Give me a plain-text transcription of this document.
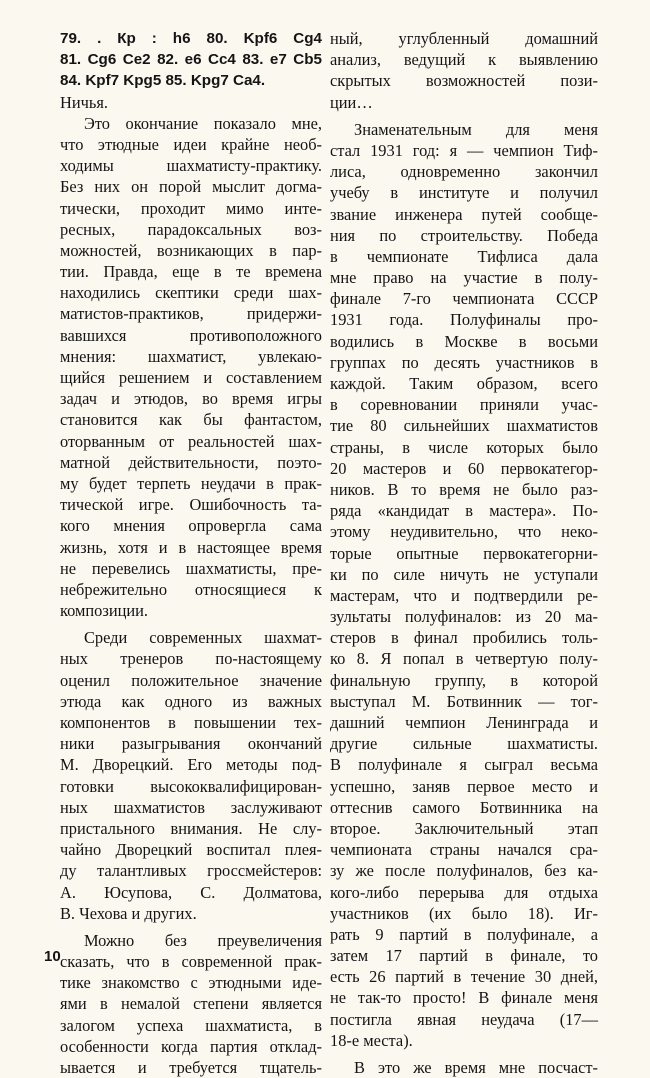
79. . Кр : h6 80. Kpf6 Cg4
81. Cg6 Ce2 82. e6 Cc4 83. e7 Cb5
84. Kpf7 Kpg5 85. Kpg7 Ca4.
Ничья.
Это окончание показало мне,
что этюдные идеи крайне необ-
ходимы шахматисту-практику.
Без них он порой мыслит догма-
тически, проходит мимо инте-
ресных, парадоксальных воз-
можностей, возникающих в пар-
тии. Правда, еще в те времена
находились скептики среди шах-
матистов-практиков, придержи-
вавшихся противоположного
мнения: шахматист, увлекаю-
щийся решением и составлением
задач и этюдов, во время игры
становится как бы фантастом,
оторванным от реальностей шах-
матной действительности, поэто-
му будет терпеть неудачи в прак-
тической игре. Ошибочность та-
кого мнения опровергла сама
жизнь, хотя и в настоящее время
не перевелись шахматисты, пре-
небрежительно относящиеся к
композиции.
Среди современных шахмат-
ных тренеров по-настоящему
оценил положительное значение
этюда как одного из важных
компонентов в повышении тех-
ники разыгрывания окончаний
М. Дворецкий. Его методы под-
готовки высококвалифицирован-
ных шахматистов заслуживают
пристального внимания. Не слу-
чайно Дворецкий воспитал плея-
ду талантливых гроссмейстеров:
А. Юсупова, С. Долматова,
В. Чехова и других.
Можно без преувеличения
сказать, что в современной прак-
тике знакомство с этюдными иде-
ями в немалой степени является
залогом успеха шахматиста, в
особенности когда партия отклад-
ывается и требуется тщатель-
ный, углубленный домашний
анализ, ведущий к выявлению
скрытых возможностей пози-
ции…
Знаменательным для меня
стал 1931 год: я — чемпион Тиф-
лиса, одновременно закончил
учебу в институте и получил
звание инженера путей сообще-
ния по строительству. Победа
в чемпионате Тифлиса дала
мне право на участие в полу-
финале 7-го чемпионата СССР
1931 года. Полуфиналы про-
водились в Москве в восьми
группах по десять участников в
каждой. Таким образом, всего
в соревновании приняли учас-
тие 80 сильнейших шахматистов
страны, в числе которых было
20 мастеров и 60 первокатегор-
ников. В то время не было раз-
ряда «кандидат в мастера». По-
этому неудивительно, что неко-
торые опытные первокатегорни-
ки по силе ничуть не уступали
мастерам, что и подтвердили ре-
зультаты полуфиналов: из 20 ма-
стеров в финал пробились толь-
ко 8. Я попал в четвертую полу-
финальную группу, в которой
выступал М. Ботвинник — тог-
дашний чемпион Ленинграда и
другие сильные шахматисты.
В полуфинале я сыграл весьма
успешно, заняв первое место и
оттеснив самого Ботвинника на
второе. Заключительный этап
чемпионата страны начался сра-
зу же после полуфиналов, без ка-
кого-либо перерыва для отдыха
участников (их было 18). Иг-
рать 9 партий в полуфинале, а
затем 17 партий в финале, то
есть 26 партий в течение 30 дней,
не так-то просто! В финале меня
постигла явная неудача (17—
18-е места).
В это же время мне посчаст-
10
